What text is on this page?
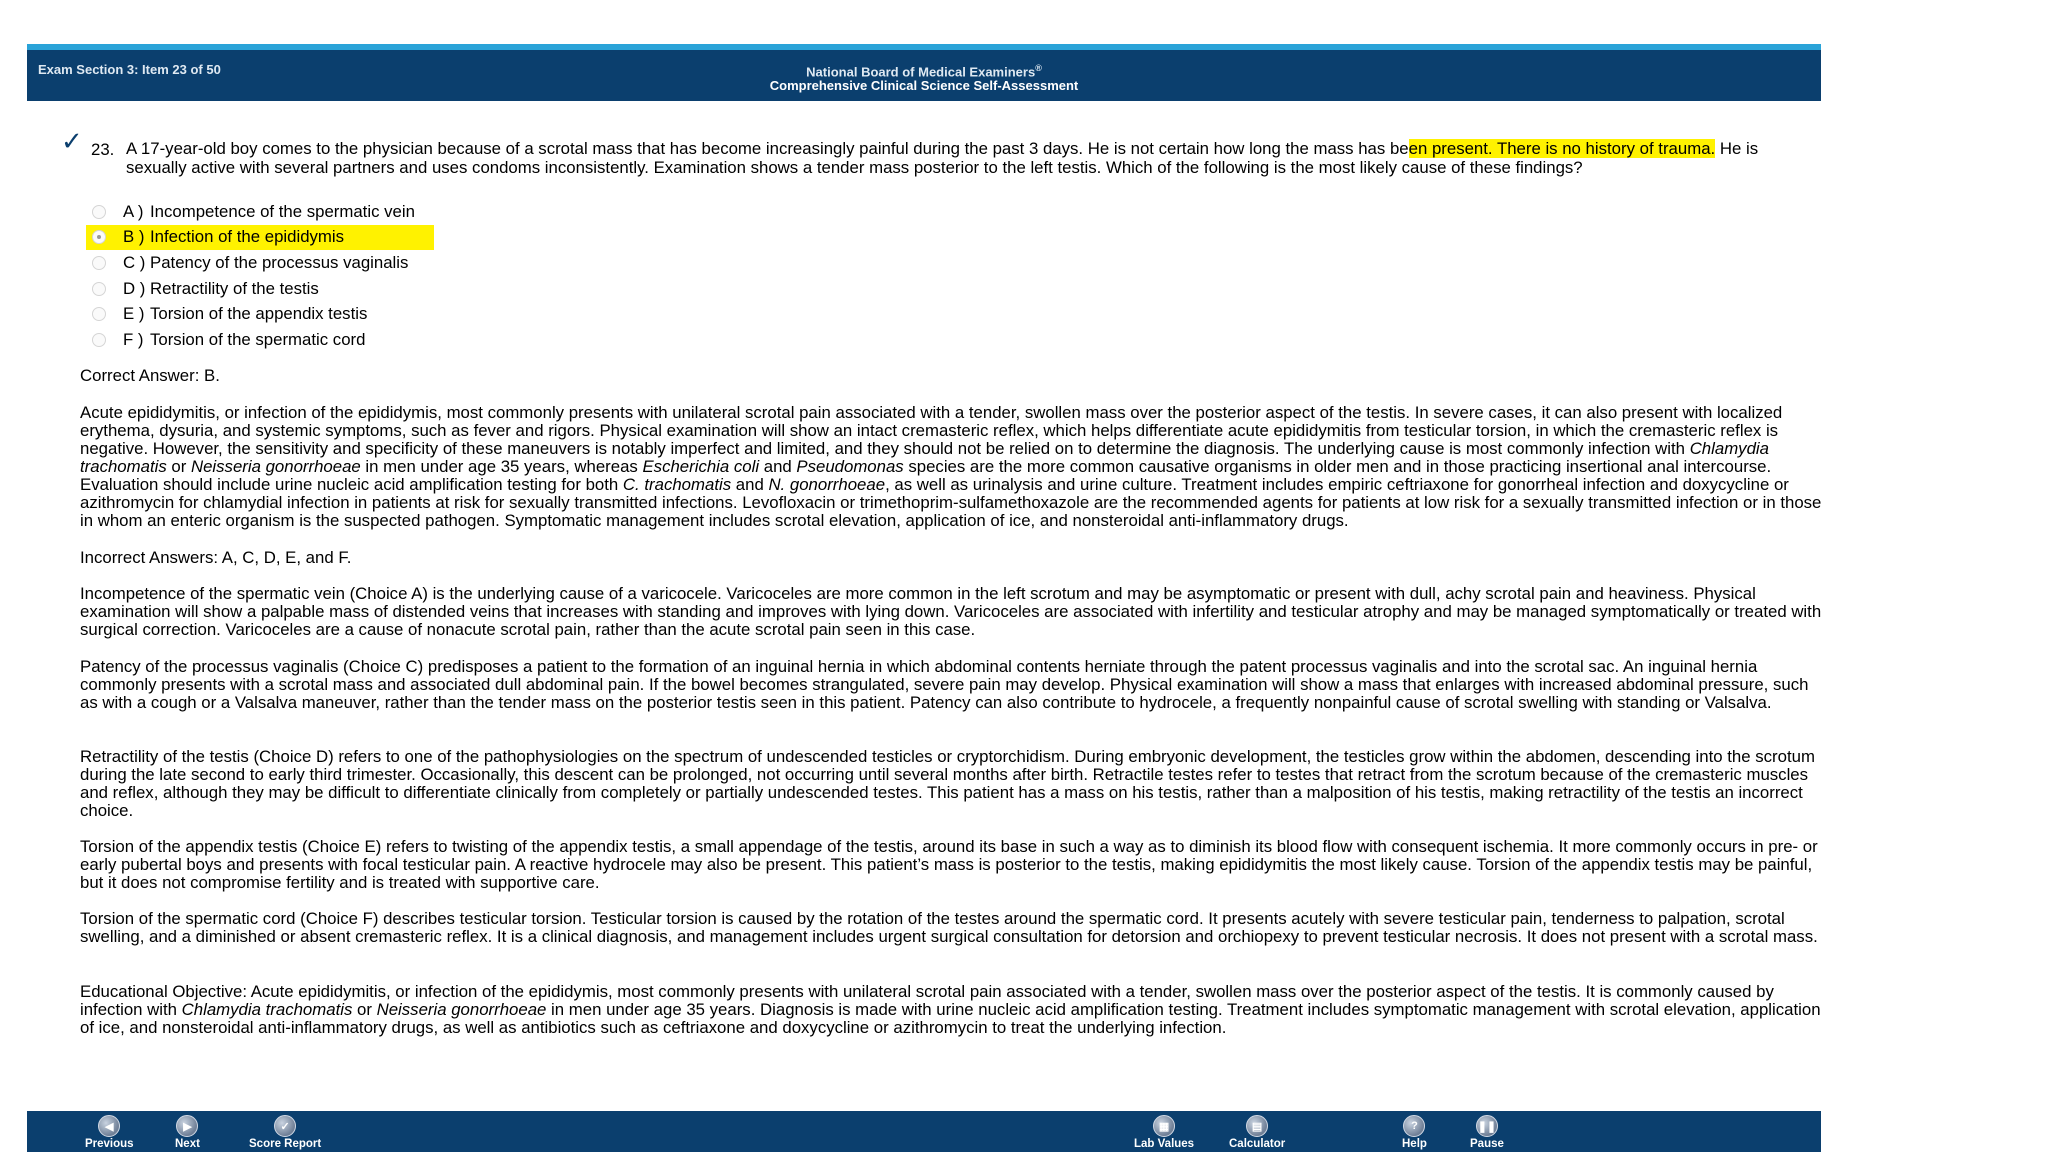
Exam Section 3: Item 23 of 50	National Board of Medical Examiners®
Comprehensive Clinical Science Self-Assessment
✓ 23. A 17-year-old boy comes to the physician because of a scrotal mass that has become increasingly painful during the past 3 days. He is not certain how long the mass has been present. There is no history of trauma. He is sexually active with several partners and uses condoms inconsistently. Examination shows a tender mass posterior to the left testis. Which of the following is the most likely cause of these findings?
A ) Incompetence of the spermatic vein
B ) Infection of the epididymis
C ) Patency of the processus vaginalis
D ) Retractility of the testis
E ) Torsion of the appendix testis
F ) Torsion of the spermatic cord
Correct Answer: B.

Acute epididymitis, or infection of the epididymis, most commonly presents with unilateral scrotal pain associated with a tender, swollen mass over the posterior aspect of the testis. In severe cases, it can also present with localized erythema, dysuria, and systemic symptoms, such as fever and rigors. Physical examination will show an intact cremasteric reflex, which helps differentiate acute epididymitis from testicular torsion, in which the cremasteric reflex is negative. However, the sensitivity and specificity of these maneuvers is notably imperfect and limited, and they should not be relied on to determine the diagnosis. The underlying cause is most commonly infection with Chlamydia trachomatis or Neisseria gonorrhoeae in men under age 35 years, whereas Escherichia coli and Pseudomonas species are the more common causative organisms in older men and in those practicing insertional anal intercourse. Evaluation should include urine nucleic acid amplification testing for both C. trachomatis and N. gonorrhoeae, as well as urinalysis and urine culture. Treatment includes empiric ceftriaxone for gonorrheal infection and doxycycline or azithromycin for chlamydial infection in patients at risk for sexually transmitted infections. Levofloxacin or trimethoprim-sulfamethoxazole are the recommended agents for patients at low risk for a sexually transmitted infection or in those in whom an enteric organism is the suspected pathogen. Symptomatic management includes scrotal elevation, application of ice, and nonsteroidal anti-inflammatory drugs.

Incorrect Answers: A, C, D, E, and F.
Incompetence of the spermatic vein (Choice A) is the underlying cause of a varicocele. Varicoceles are more common in the left scrotum and may be asymptomatic or present with dull, achy scrotal pain and heaviness. Physical examination will show a palpable mass of distended veins that increases with standing and improves with lying down. Varicoceles are associated with infertility and testicular atrophy and may be managed symptomatically or treated with surgical correction. Varicoceles are a cause of nonacute scrotal pain, rather than the acute scrotal pain seen in this case.
Patency of the processus vaginalis (Choice C) predisposes a patient to the formation of an inguinal hernia in which abdominal contents herniate through the patent processus vaginalis and into the scrotal sac. An inguinal hernia commonly presents with a scrotal mass and associated dull abdominal pain. If the bowel becomes strangulated, severe pain may develop. Physical examination will show a mass that enlarges with increased abdominal pressure, such as with a cough or a Valsalva maneuver, rather than the tender mass on the posterior testis seen in this patient. Patency can also contribute to hydrocele, a frequently nonpainful cause of scrotal swelling with standing or Valsalva.
Retractility of the testis (Choice D) refers to one of the pathophysiologies on the spectrum of undescended testicles or cryptorchidism. During embryonic development, the testicles grow within the abdomen, descending into the scrotum during the late second to early third trimester. Occasionally, this descent can be prolonged, not occurring until several months after birth. Retractile testes refer to testes that retract from the scrotum because of the cremasteric muscles and reflex, although they may be difficult to differentiate clinically from completely or partially undescended testes. This patient has a mass on his testis, rather than a malposition of his testis, making retractility of the testis an incorrect choice.
Torsion of the appendix testis (Choice E) refers to twisting of the appendix testis, a small appendage of the testis, around its base in such a way as to diminish its blood flow with consequent ischemia. It more commonly occurs in pre- or early pubertal boys and presents with focal testicular pain. A reactive hydrocele may also be present. This patient’s mass is posterior to the testis, making epididymitis the most likely cause. Torsion of the appendix testis may be painful, but it does not compromise fertility and is treated with supportive care.
Torsion of the spermatic cord (Choice F) describes testicular torsion. Testicular torsion is caused by the rotation of the testes around the spermatic cord. It presents acutely with severe testicular pain, tenderness to palpation, scrotal swelling, and a diminished or absent cremasteric reflex. It is a clinical diagnosis, and management includes urgent surgical consultation for detorsion and orchiopexy to prevent testicular necrosis. It does not present with a scrotal mass.

Educational Objective: Acute epididymitis, or infection of the epididymis, most commonly presents with unilateral scrotal pain associated with a tender, swollen mass over the posterior aspect of the testis. It is commonly caused by infection with Chlamydia trachomatis or Neisseria gonorrhoeae in men under age 35 years. Diagnosis is made with urine nucleic acid amplification testing. Treatment includes symptomatic management with scrotal elevation, application of ice, and nonsteroidal anti-inflammatory drugs, as well as antibiotics such as ceftriaxone and doxycycline or azithromycin to treat the underlying infection.

◀
Previous
▶
Next
✓
Score Report
▦
Lab Values
▤
Calculator
?
Help
❚❚
Pause
